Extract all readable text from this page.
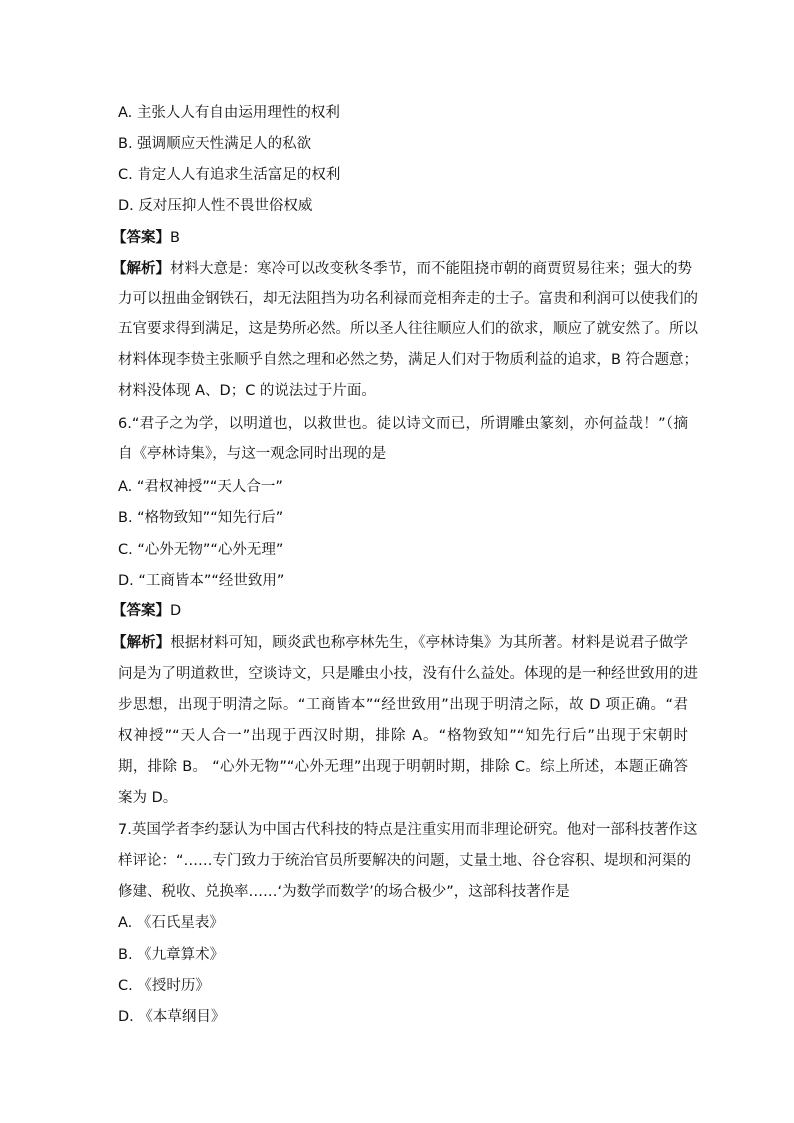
A. 主张人人有自由运用理性的权利
B. 强调顺应天性满足人的私欲
C. 肯定人人有追求生活富足的权利
D. 反对压抑人性不畏世俗权威
【答案】B
【解析】材料大意是：寒冷可以改变秋冬季节，而不能阻挠市朝的商贾贸易往来；强大的势
力可以扭曲金钢铁石，却无法阻挡为功名利禄而竞相奔走的士子。富贵和利润可以使我们的
五官要求得到满足，这是势所必然。所以圣人往往顺应人们的欲求，顺应了就安然了。所以
材料体现李贽主张顺乎自然之理和必然之势，满足人们对于物质利益的追求，B 符合题意；
材料没体现 A、D；C 的说法过于片面。
6.“君子之为学，以明道也，以救世也。徒以诗文而已，所谓雕虫篆刻，亦何益哉！”（摘
自《亭林诗集》，与这一观念同时出现的是
A. “君权神授”“天人合一”
B. “格物致知”“知先行后”
C. “心外无物”“心外无理”
D. “工商皆本”“经世致用”
【答案】D
【解析】根据材料可知，顾炎武也称亭林先生，《亭林诗集》为其所著。材料是说君子做学
问是为了明道救世，空谈诗文，只是雕虫小技，没有什么益处。体现的是一种经世致用的进
步思想，出现于明清之际。“工商皆本”“经世致用”出现于明清之际，故 D 项正确。“君
权神授”“天人合一”出现于西汉时期，排除 A。“格物致知”“知先行后”出现于宋朝时
期，排除 B。 “心外无物”“心外无理”出现于明朝时期，排除 C。综上所述，本题正确答
案为 D。
7.英国学者李约瑟认为中国古代科技的特点是注重实用而非理论研究。他对一部科技著作这
样评论：“……专门致力于统治官员所要解决的问题，丈量土地、谷仓容积、堤坝和河渠的
修建、税收、兑换率……‘为数学而数学’的场合极少”，这部科技著作是
A. 《石氏星表》
B. 《九章算术》
C. 《授时历》
D. 《本草纲目》
